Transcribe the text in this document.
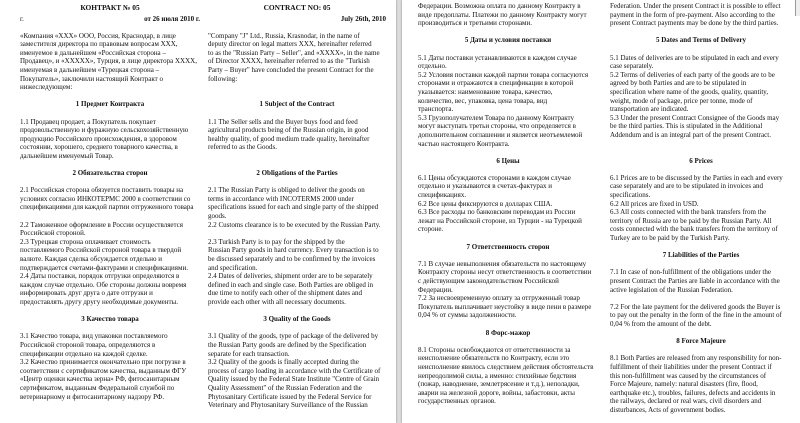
КОНТРАКТ № 05
г.	от 26 июля 2010 г.
«Компания «XXX» ООО, Россия, Краснодар, в лице
заместителя директора по правовым вопросам XXX,
именуемое в дальнейшем «Российская сторона –
Продавец», и «XXXXX», Турция, в лице директора XXXX,
именуемая в дальнейшем «Турецкая сторона –
Покупатель», заключили настоящий Контракт о
нижеследующем:
1 Предмет Контракта
1.1 Продавец продает, а Покупатель покупает
продовольственную и фуражную сельскохозяйственную
продукцию Российского происхождения, в здоровом
состоянии, хорошего, среднего товарного качества, в
дальнейшем именуемый Товар.
2 Обязательства сторон
2.1 Российская сторона обязуется поставить товары на
условиях согласно ИНКОТЕРМС 2000 в соответствии со
спецификациями для каждой партии отгруженного товара
2.2 Таможенное оформление в России осуществляется
Российской стороной.
2.3 Турецкая сторона оплачивает стоимость
поставляемого Российской стороной товара в твердой
валюте. Каждая сделка обсуждается отдельно и
подтверждается счетами-фактурами и спецификациями.
2.4 Даты поставки, порядок отгрузки определяются в
каждом случае отдельно. Обе стороны должны вовремя
информировать друг друга о дате отгрузки и
предоставлять другу другу необходимые документы.
3 Качество товара
3.1 Качество товара, вид упаковки поставляемого
Российской стороной товара, определяются в
спецификации отдельно на каждой сделке.
3.2 Качество принимается окончательно при погрузке в
соответствии с сертификатом качества, выданным ФГУ
«Центр оценки качества зерна» РФ, фитосанитарным
сертификатом, выданным Федеральной службой по
ветеринарному и фитосанитарному надзору РФ.
CONTRACT NO: 05
July 26th, 2010
"Company "J" Ltd., Russia, Krasnodar, in the name of
deputy director on legal matters XXX, hereinafter referred
to as the "Russian Party – Seller", and «XXXX», in the name
of Director XXXX, hereinafter referred to as the "Turkish
Party – Buyer" have concluded the present Contract for the
following:
1 Subject of the Contract
1.1 The Seller sells and the Buyer buys food and feed
agricultural products being of the Russian origin, in good
healthy quality, of good medium trade quality, hereinafter
referred to as the Goods.
2 Obligations of the Parties
2.1 The Russian Party is obliged to deliver the goods on
terms in accordance with INCOTERMS 2000 under
specifications issued for each and single party of the shipped
goods.
2.2 Customs clearance is to be executed by the Russian Party.
2.3 Turkish Party is to pay for the shipped by the
Russian Party goods in hard currency. Every transaction is to
be discussed separately and to be confirmed by the invoices
and specification.
2.4 Dates of deliveries, shipment order are to be separately
defined in each and single case. Both Parties are obliged in
due time to notify each other of the shipment dates and
provide each other with all necessary documents.
3 Quality of the Goods
3.1 Quality of the goods, type of package of the delivered by
the Russian Party goods are defined by the Specification
separate for each transaction.
3.2 Quality of the goods is finally accepted during the
process of cargo loading in accordance with the Certificate of
Quality issued by the Federal State Institute "Centre of Grain
Quality Assessment" of the Russian Federation and the
Phytosanitary Certificate issued by the Federal Service for
Veterinary and Phytosanitary Surveillance of the Russian
Федерации. Возможна оплата по данному Контракту в
виде предоплаты. Платежи по данному Контракту могут
производиться и третьими сторонами.
5 Даты и условия поставки
5.1 Даты поставки устанавливаются в каждом случае
отдельно.
5.2 Условия поставки каждой партии товара согласуются
сторонами и отражаются в спецификации в которой
указывается: наименование товара, качество,
количество, вес, упаковка, цена товара, вид
транспорта.
5.3 Грузополучателем Товара по данному Контракту
могут выступать третьи стороны, что определяется в
дополнительном соглашении и является неотъемлемой
частью настоящего Контракта.
6 Цены
6.1 Цены обсуждаются сторонами в каждом случае
отдельно и указываются в счетах-фактурах и
спецификациях.
6.2 Все цены фиксируются в долларах США.
6.3 Все расходы по банковским переводам из России
лежат на Российской стороне, из Турции - на Турецкой
стороне.
7 Ответственность сторон
7.1 В случае невыполнения обязательств по настоящему
Контракту стороны несут ответственность в соответствии
с действующим законодательством Российской
Федерации.
7.2 За несвоевременную оплату за отгруженный товар
Покупатель выплачивает неустойку в виде пени в размере
0,04 % от суммы задолженности.
8 Форс-мажор
8.1 Стороны освобождаются от ответственности за
неисполнение обязательств по Контракту, если это
неисполнение явилось следствием действия обстоятельств
непреодолимой силы, а именно: стихийные бедствия
(пожар, наводнение, землетрясение и т.д.), неполадки,
аварии на железной дороге, войны, забастовки, акты
государственных органов.
Federation. Under the present Contract it is possible to effect
payment in the form of pre-payment. Also according to the
present Contract payments may be done by the third parties.
5 Dates and Terms of Delivery
5.1 Dates of deliveries are to be stipulated in each and every
case separately.
5.2 Terms of deliveries of each party of the goods are to be
agreed by both Parties and are to be stipulated in
specification where name of the goods, quality, quantity,
weight, mode of package, price per tonne, mode of
transportation are indicated.
5.3 Under the present Contract Consignee of the Goods may
be the third parties. This is stipulated in the Additional
Addendum and is an integral part of the present Contract.
6 Prices
6.1 Prices are to be discussed by the Parties in each and every
case separately and are to be stipulated in invoices and
specifications.
6.2 All prices are fixed in USD.
6.3 All costs connected with the bank transfers from the
territory of Russia are to be paid by the Russian Party. All
costs connected with the bank transfers from the territory of
Turkey are to be paid by the Turkish Party.
7 Liabilities of the Parties
7.1 In case of non-fulfillment of the obligations under the
present Contract the Parties are liable in accordance with the
active legislation of the Russian Federation.
7.2 For the late payment for the delivered goods the Buyer is
to pay out the penalty in the form of the fine in the amount of
0,04 % from the amount of the debt.
8 Force Majeure
8.1 Both Parties are released from any responsibility for non-
fulfillment of their liabilities under the present Contract if
this non-fulfillment was caused by the circumstances of
Force Majeure, namely: natural disasters (fire, flood,
earthquake etc.), troubles, failures, defects and accidents in
the railways, declared or real wars, civil disorders and
disturbances, Acts of government bodies.
